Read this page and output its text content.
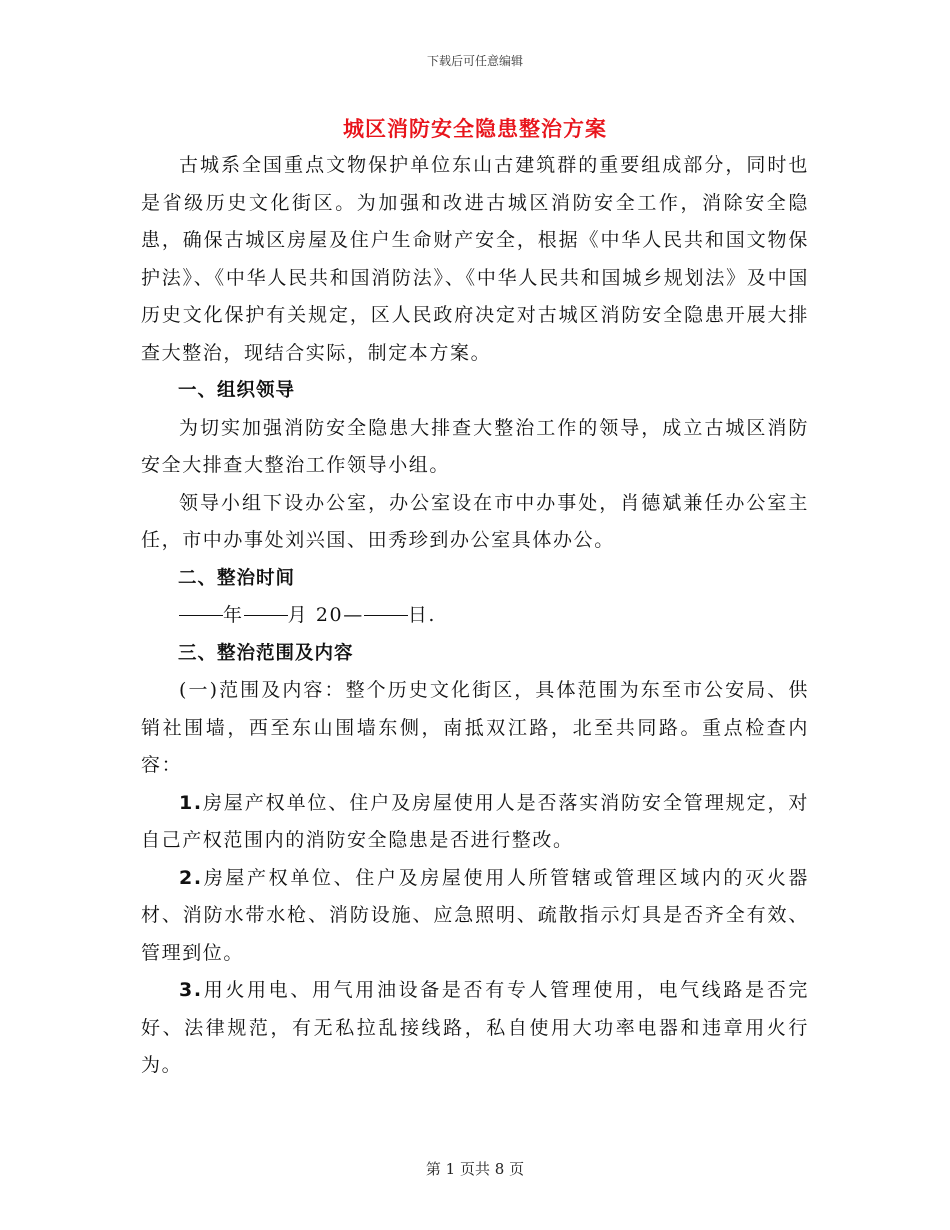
下载后可任意编辑
城区消防安全隐患整治方案

古城系全国重点文物保护单位东山古建筑群的重要组成部分，同时也是省级历史文化街区。为加强和改进古城区消防安全工作，消除安全隐患，确保古城区房屋及住户生命财产安全，根据《中华人民共和国文物保护法》、《中华人民共和国消防法》、《中华人民共和国城乡规划法》及中国历史文化保护有关规定，区人民政府决定对古城区消防安全隐患开展大排查大整治，现结合实际，制定本方案。

一、组织领导

为切实加强消防安全隐患大排查大整治工作的领导，成立古城区消防安全大排查大整治工作领导小组。

领导小组下设办公室，办公室设在市中办事处，肖德斌兼任办公室主任，市中办事处刘兴国、田秀珍到办公室具体办公。

二、整治时间

年 月 20— 日.

三、整治范围及内容

(一)范围及内容：整个历史文化街区，具体范围为东至市公安局、供销社围墙，西至东山围墙东侧，南抵双江路，北至共同路。重点检查内容：

1.房屋产权单位、住户及房屋使用人是否落实消防安全管理规定，对自己产权范围内的消防安全隐患是否进行整改。

2.房屋产权单位、住户及房屋使用人所管辖或管理区域内的灭火器材、消防水带水枪、消防设施、应急照明、疏散指示灯具是否齐全有效、管理到位。

3.用火用电、用气用油设备是否有专人管理使用，电气线路是否完好、法律规范，有无私拉乱接线路，私自使用大功率电器和违章用火行为。

第 1 页共 8 页
